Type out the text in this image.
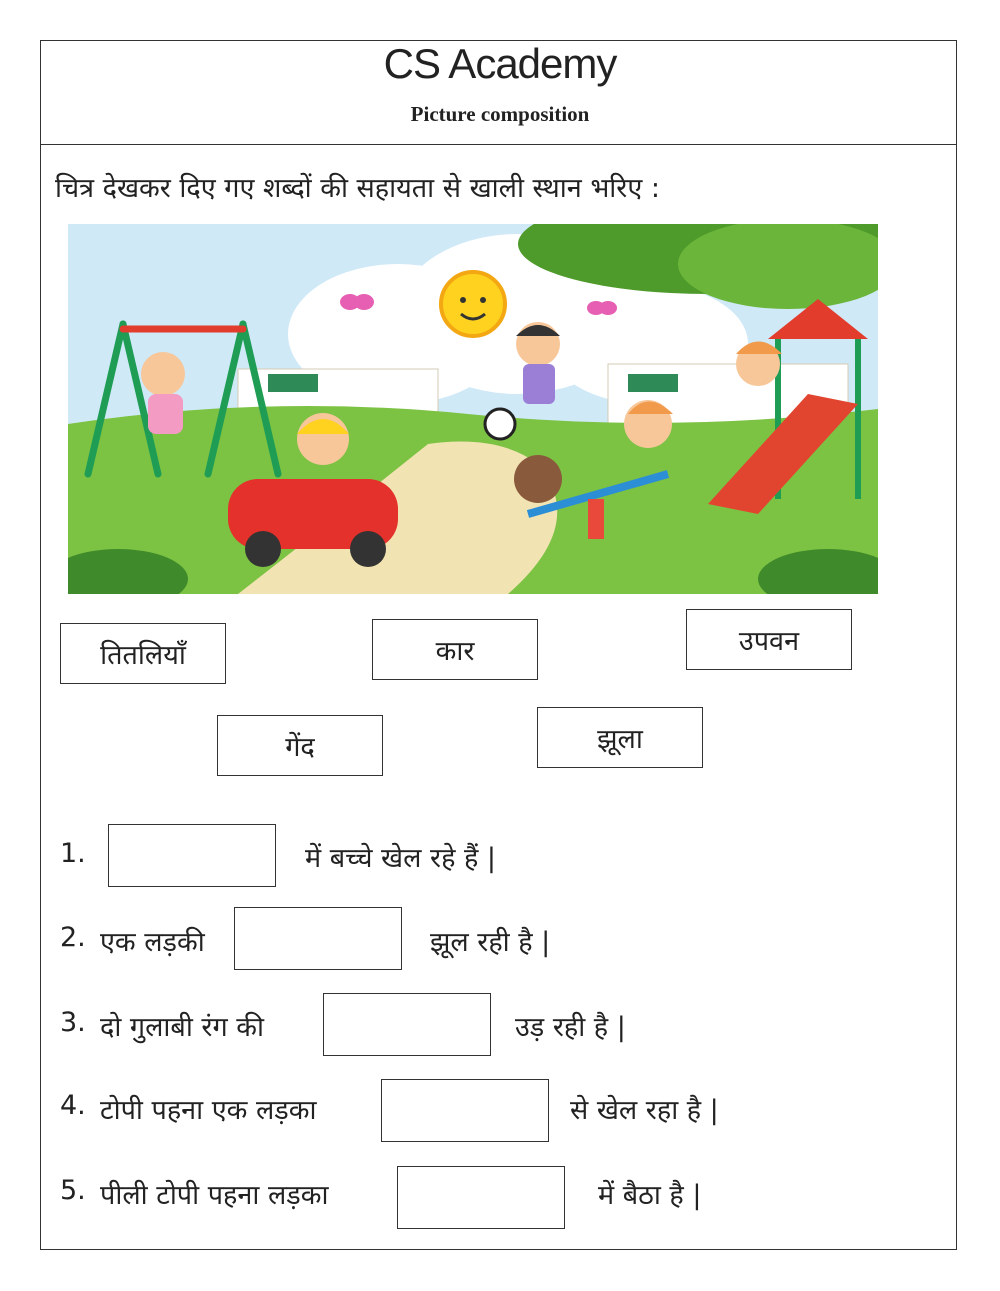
CS Academy
Picture composition
चित्र देखकर दिए गए शब्दों की सहायता से खाली स्थान भरिए :
तितलियाँ	कार	उपवन
गेंद	झूला
1.	में बच्चे खेल रहे हैं |
2. एक लड़की	झूल रही है |
3. दो गुलाबी रंग की	उड़ रही है |
4. टोपी पहना एक लड़का	से खेल रहा है |
5. पीली टोपी पहना लड़का	में बैठा है |
